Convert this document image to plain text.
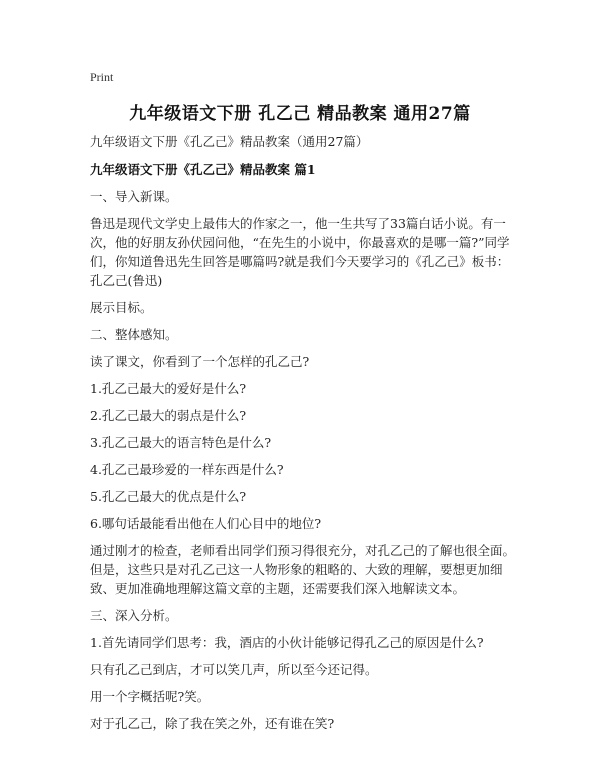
Print
九年级语文下册 孔乙己 精品教案 通用27篇

九年级语文下册《孔乙己》精品教案（通用27篇）

九年级语文下册《孔乙己》精品教案 篇1

一、导入新课。

鲁迅是现代文学史上最伟大的作家之一，他一生共写了33篇白话小说。有一次，他的好朋友孙伏园问他，“在先生的小说中，你最喜欢的是哪一篇?”同学们，你知道鲁迅先生回答是哪篇吗?就是我们今天要学习的《孔乙己》板书：孔乙己(鲁迅)

展示目标。

二、整体感知。

读了课文，你看到了一个怎样的孔乙己?

1.孔乙己最大的爱好是什么?

2.孔乙己最大的弱点是什么?

3.孔乙己最大的语言特色是什么?

4.孔乙己最珍爱的一样东西是什么?

5.孔乙己最大的优点是什么?

6.哪句话最能看出他在人们心目中的地位?

通过刚才的检查，老师看出同学们预习得很充分，对孔乙己的了解也很全面。但是，这些只是对孔乙己这一人物形象的粗略的、大致的理解，要想更加细致、更加准确地理解这篇文章的主题，还需要我们深入地解读文本。

三、深入分析。

1.首先请同学们思考：我，酒店的小伙计能够记得孔乙己的原因是什么?

只有孔乙己到店，才可以笑几声，所以至今还记得。

用一个字概括呢?笑。

对于孔乙己，除了我在笑之外，还有谁在笑?
